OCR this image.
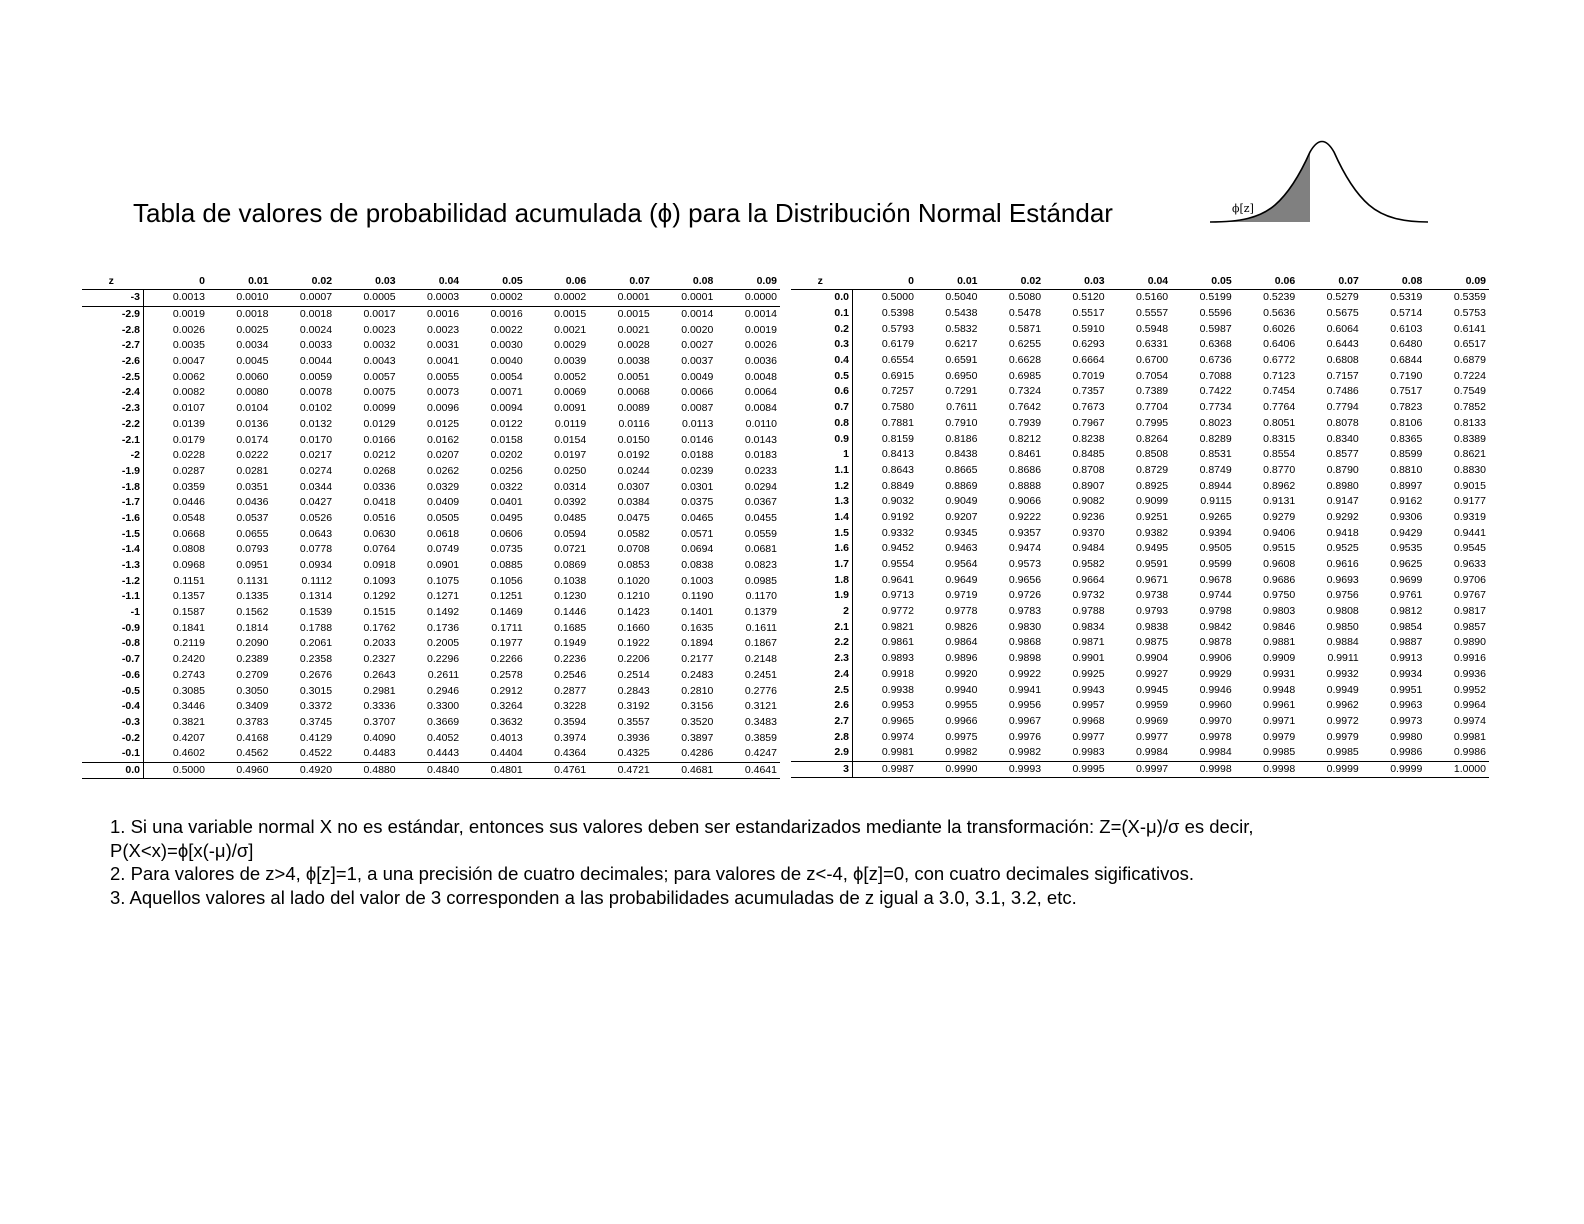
Tabla de valores de probabilidad acumulada (ϕ) para la Distribución Normal Estándar	ϕ[z]
z	0	0.01	0.02	0.03	0.04	0.05	0.06	0.07	0.08	0.09
-3	0.0013	0.0010	0.0007	0.0005	0.0003	0.0002	0.0002	0.0001	0.0001	0.0000
-2.9	0.0019	0.0018	0.0018	0.0017	0.0016	0.0016	0.0015	0.0015	0.0014	0.0014
-2.8	0.0026	0.0025	0.0024	0.0023	0.0023	0.0022	0.0021	0.0021	0.0020	0.0019
-2.7	0.0035	0.0034	0.0033	0.0032	0.0031	0.0030	0.0029	0.0028	0.0027	0.0026
-2.6	0.0047	0.0045	0.0044	0.0043	0.0041	0.0040	0.0039	0.0038	0.0037	0.0036
-2.5	0.0062	0.0060	0.0059	0.0057	0.0055	0.0054	0.0052	0.0051	0.0049	0.0048
-2.4	0.0082	0.0080	0.0078	0.0075	0.0073	0.0071	0.0069	0.0068	0.0066	0.0064
-2.3	0.0107	0.0104	0.0102	0.0099	0.0096	0.0094	0.0091	0.0089	0.0087	0.0084
-2.2	0.0139	0.0136	0.0132	0.0129	0.0125	0.0122	0.0119	0.0116	0.0113	0.0110
-2.1	0.0179	0.0174	0.0170	0.0166	0.0162	0.0158	0.0154	0.0150	0.0146	0.0143
-2	0.0228	0.0222	0.0217	0.0212	0.0207	0.0202	0.0197	0.0192	0.0188	0.0183
-1.9	0.0287	0.0281	0.0274	0.0268	0.0262	0.0256	0.0250	0.0244	0.0239	0.0233
-1.8	0.0359	0.0351	0.0344	0.0336	0.0329	0.0322	0.0314	0.0307	0.0301	0.0294
-1.7	0.0446	0.0436	0.0427	0.0418	0.0409	0.0401	0.0392	0.0384	0.0375	0.0367
-1.6	0.0548	0.0537	0.0526	0.0516	0.0505	0.0495	0.0485	0.0475	0.0465	0.0455
-1.5	0.0668	0.0655	0.0643	0.0630	0.0618	0.0606	0.0594	0.0582	0.0571	0.0559
-1.4	0.0808	0.0793	0.0778	0.0764	0.0749	0.0735	0.0721	0.0708	0.0694	0.0681
-1.3	0.0968	0.0951	0.0934	0.0918	0.0901	0.0885	0.0869	0.0853	0.0838	0.0823
-1.2	0.1151	0.1131	0.1112	0.1093	0.1075	0.1056	0.1038	0.1020	0.1003	0.0985
-1.1	0.1357	0.1335	0.1314	0.1292	0.1271	0.1251	0.1230	0.1210	0.1190	0.1170
-1	0.1587	0.1562	0.1539	0.1515	0.1492	0.1469	0.1446	0.1423	0.1401	0.1379
-0.9	0.1841	0.1814	0.1788	0.1762	0.1736	0.1711	0.1685	0.1660	0.1635	0.1611
-0.8	0.2119	0.2090	0.2061	0.2033	0.2005	0.1977	0.1949	0.1922	0.1894	0.1867
-0.7	0.2420	0.2389	0.2358	0.2327	0.2296	0.2266	0.2236	0.2206	0.2177	0.2148
-0.6	0.2743	0.2709	0.2676	0.2643	0.2611	0.2578	0.2546	0.2514	0.2483	0.2451
-0.5	0.3085	0.3050	0.3015	0.2981	0.2946	0.2912	0.2877	0.2843	0.2810	0.2776
-0.4	0.3446	0.3409	0.3372	0.3336	0.3300	0.3264	0.3228	0.3192	0.3156	0.3121
-0.3	0.3821	0.3783	0.3745	0.3707	0.3669	0.3632	0.3594	0.3557	0.3520	0.3483
-0.2	0.4207	0.4168	0.4129	0.4090	0.4052	0.4013	0.3974	0.3936	0.3897	0.3859
-0.1	0.4602	0.4562	0.4522	0.4483	0.4443	0.4404	0.4364	0.4325	0.4286	0.4247
0.0	0.5000	0.4960	0.4920	0.4880	0.4840	0.4801	0.4761	0.4721	0.4681	0.4641
z	0	0.01	0.02	0.03	0.04	0.05	0.06	0.07	0.08	0.09
0.0	0.5000	0.5040	0.5080	0.5120	0.5160	0.5199	0.5239	0.5279	0.5319	0.5359
0.1	0.5398	0.5438	0.5478	0.5517	0.5557	0.5596	0.5636	0.5675	0.5714	0.5753
0.2	0.5793	0.5832	0.5871	0.5910	0.5948	0.5987	0.6026	0.6064	0.6103	0.6141
0.3	0.6179	0.6217	0.6255	0.6293	0.6331	0.6368	0.6406	0.6443	0.6480	0.6517
0.4	0.6554	0.6591	0.6628	0.6664	0.6700	0.6736	0.6772	0.6808	0.6844	0.6879
0.5	0.6915	0.6950	0.6985	0.7019	0.7054	0.7088	0.7123	0.7157	0.7190	0.7224
0.6	0.7257	0.7291	0.7324	0.7357	0.7389	0.7422	0.7454	0.7486	0.7517	0.7549
0.7	0.7580	0.7611	0.7642	0.7673	0.7704	0.7734	0.7764	0.7794	0.7823	0.7852
0.8	0.7881	0.7910	0.7939	0.7967	0.7995	0.8023	0.8051	0.8078	0.8106	0.8133
0.9	0.8159	0.8186	0.8212	0.8238	0.8264	0.8289	0.8315	0.8340	0.8365	0.8389
1	0.8413	0.8438	0.8461	0.8485	0.8508	0.8531	0.8554	0.8577	0.8599	0.8621
1.1	0.8643	0.8665	0.8686	0.8708	0.8729	0.8749	0.8770	0.8790	0.8810	0.8830
1.2	0.8849	0.8869	0.8888	0.8907	0.8925	0.8944	0.8962	0.8980	0.8997	0.9015
1.3	0.9032	0.9049	0.9066	0.9082	0.9099	0.9115	0.9131	0.9147	0.9162	0.9177
1.4	0.9192	0.9207	0.9222	0.9236	0.9251	0.9265	0.9279	0.9292	0.9306	0.9319
1.5	0.9332	0.9345	0.9357	0.9370	0.9382	0.9394	0.9406	0.9418	0.9429	0.9441
1.6	0.9452	0.9463	0.9474	0.9484	0.9495	0.9505	0.9515	0.9525	0.9535	0.9545
1.7	0.9554	0.9564	0.9573	0.9582	0.9591	0.9599	0.9608	0.9616	0.9625	0.9633
1.8	0.9641	0.9649	0.9656	0.9664	0.9671	0.9678	0.9686	0.9693	0.9699	0.9706
1.9	0.9713	0.9719	0.9726	0.9732	0.9738	0.9744	0.9750	0.9756	0.9761	0.9767
2	0.9772	0.9778	0.9783	0.9788	0.9793	0.9798	0.9803	0.9808	0.9812	0.9817
2.1	0.9821	0.9826	0.9830	0.9834	0.9838	0.9842	0.9846	0.9850	0.9854	0.9857
2.2	0.9861	0.9864	0.9868	0.9871	0.9875	0.9878	0.9881	0.9884	0.9887	0.9890
2.3	0.9893	0.9896	0.9898	0.9901	0.9904	0.9906	0.9909	0.9911	0.9913	0.9916
2.4	0.9918	0.9920	0.9922	0.9925	0.9927	0.9929	0.9931	0.9932	0.9934	0.9936
2.5	0.9938	0.9940	0.9941	0.9943	0.9945	0.9946	0.9948	0.9949	0.9951	0.9952
2.6	0.9953	0.9955	0.9956	0.9957	0.9959	0.9960	0.9961	0.9962	0.9963	0.9964
2.7	0.9965	0.9966	0.9967	0.9968	0.9969	0.9970	0.9971	0.9972	0.9973	0.9974
2.8	0.9974	0.9975	0.9976	0.9977	0.9977	0.9978	0.9979	0.9979	0.9980	0.9981
2.9	0.9981	0.9982	0.9982	0.9983	0.9984	0.9984	0.9985	0.9985	0.9986	0.9986
3	0.9987	0.9990	0.9993	0.9995	0.9997	0.9998	0.9998	0.9999	0.9999	1.0000
1. Si una variable normal X no es estándar, entonces sus valores deben ser estandarizados mediante la transformación: Z=(X-μ)/σ es decir,
P(X<x)=ϕ[x(-μ)/σ]
2. Para valores de z>4, ϕ[z]=1, a una precisión de cuatro decimales; para valores de z<-4, ϕ[z]=0, con cuatro decimales sigificativos.
3. Aquellos valores al lado del valor de 3 corresponden a las probabilidades acumuladas de z igual a 3.0, 3.1, 3.2, etc.
